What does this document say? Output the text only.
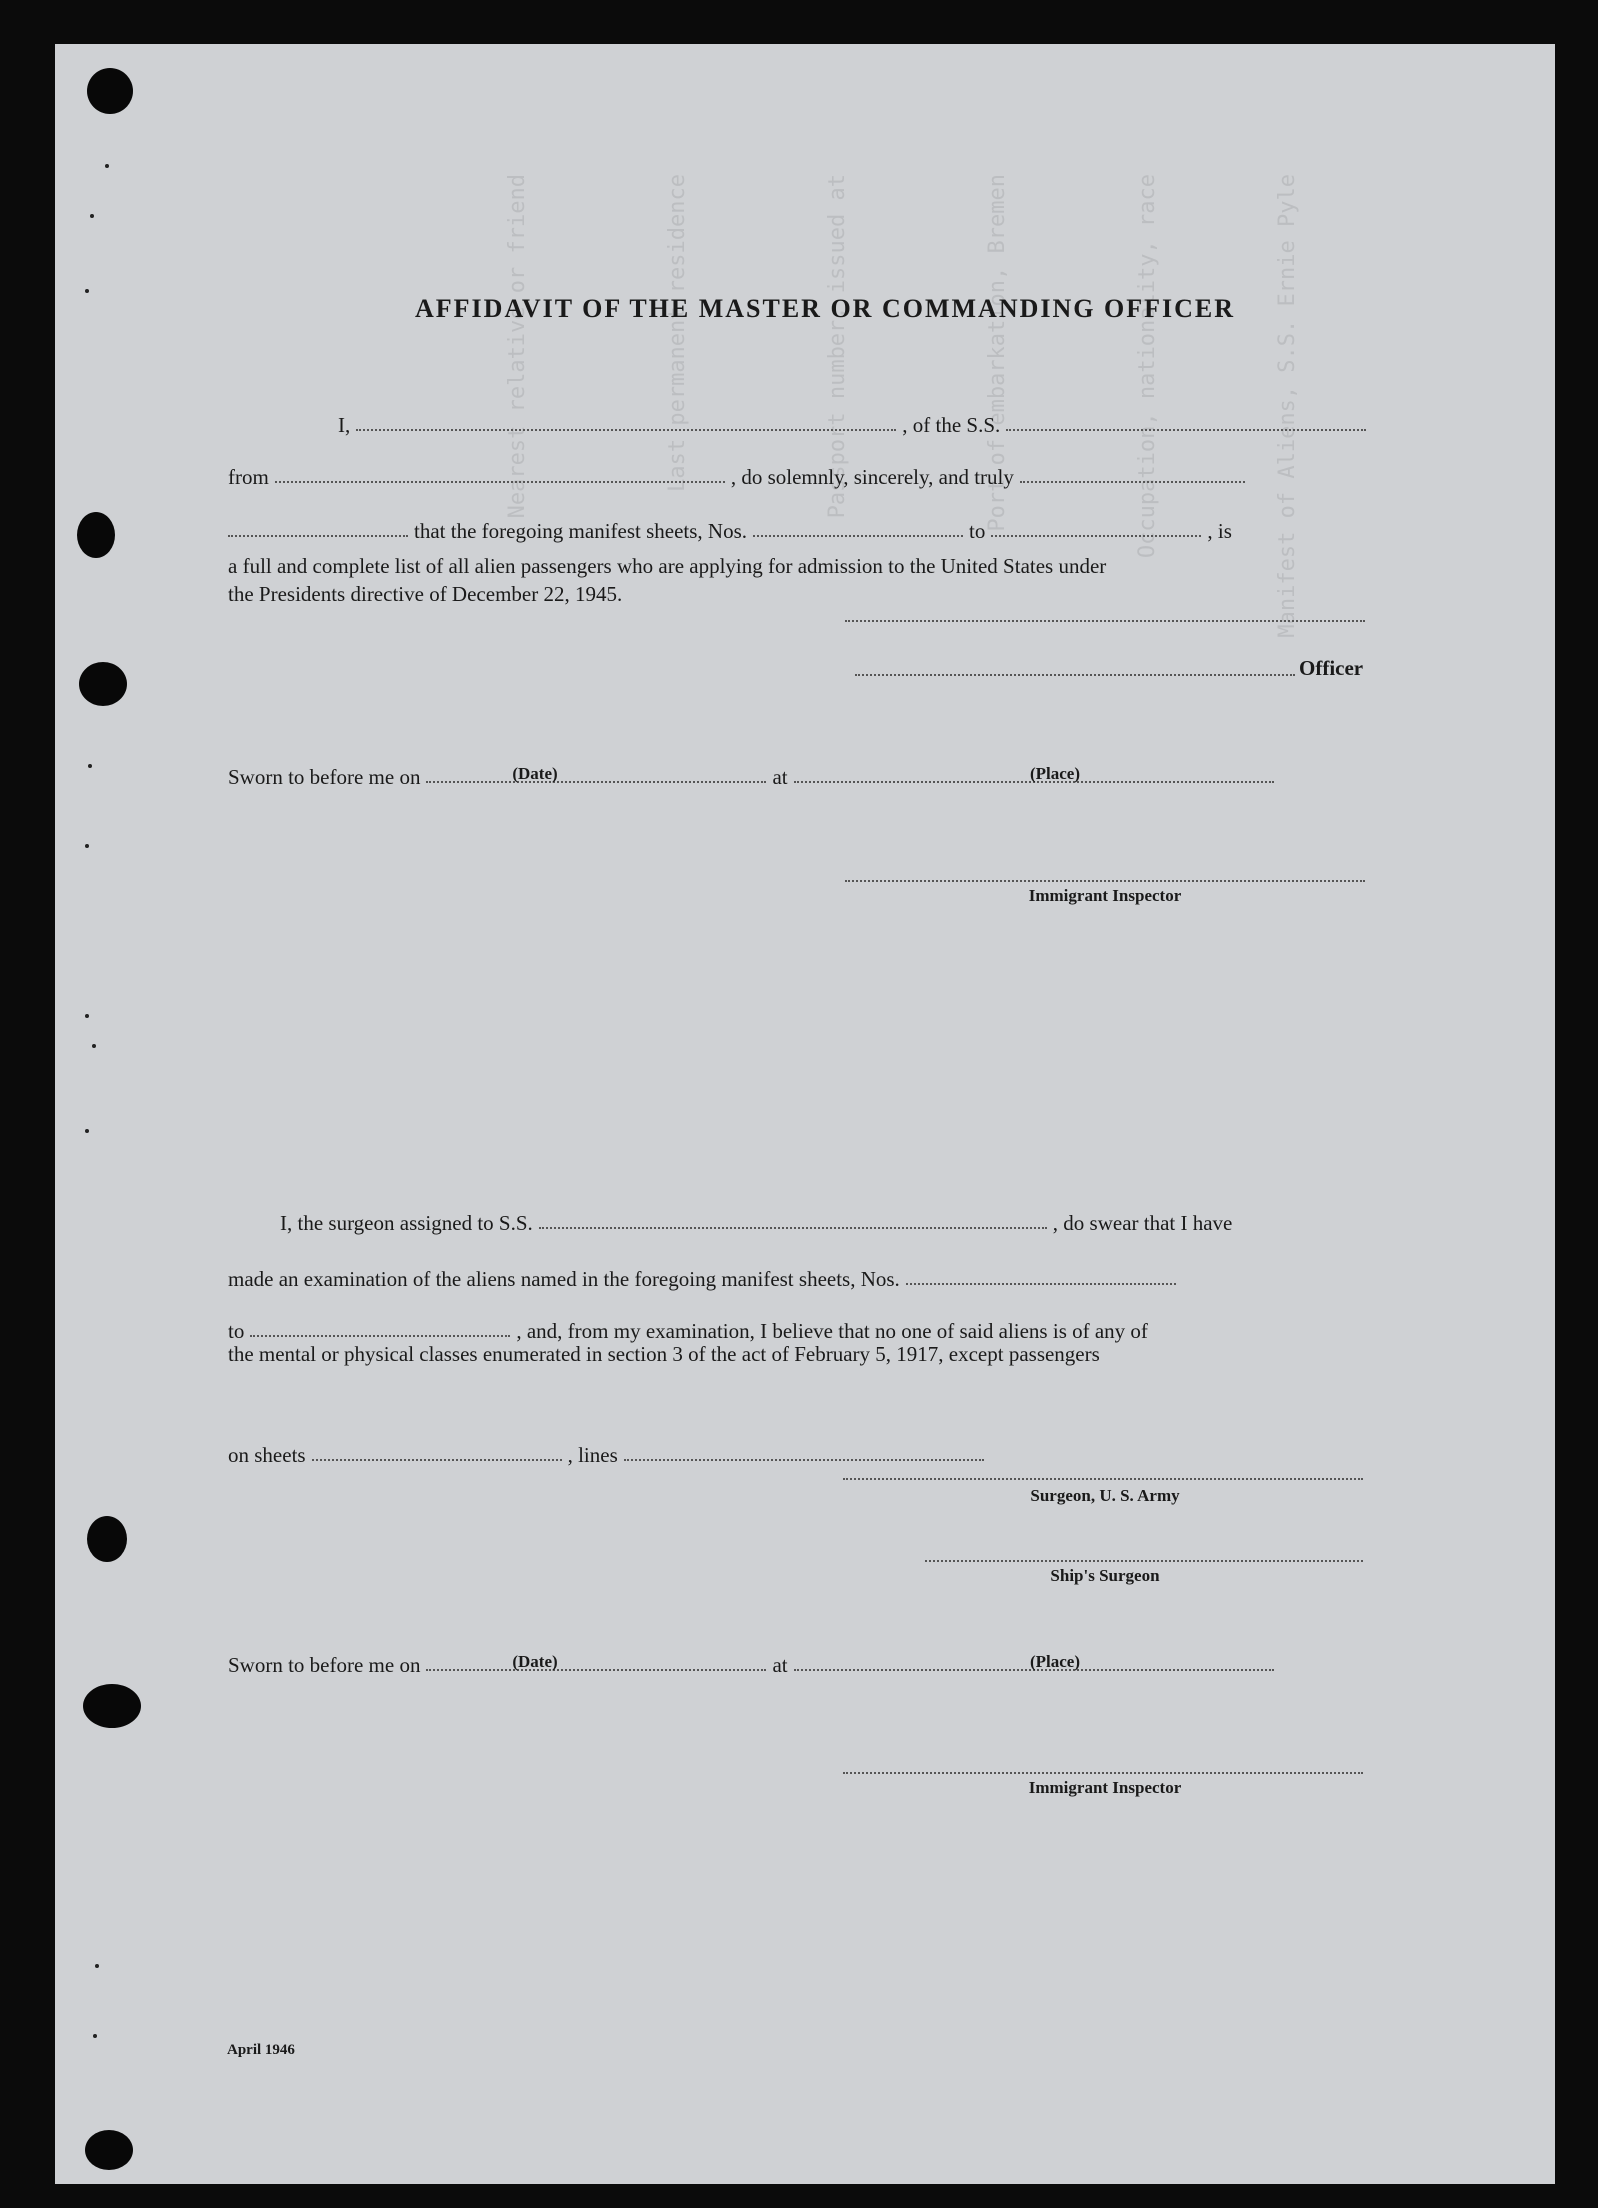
Manifest of Aliens, S.S. Ernie Pyle
Occupation, nationality, race
Port of embarkation, Bremen
Passport number, issued at
Last permanent residence
Nearest relative or friend
AFFIDAVIT OF THE MASTER OR COMMANDING OFFICER
I,	, of the S.S.
from	, do solemnly, sincerely, and truly
that the foregoing manifest sheets, Nos.	to	, is
a full and complete list of all alien passengers who are applying for admission to the United States under
the Presidents directive of December 22, 1945.
Officer
Sworn to before me on	at
(Date)	(Place)
Immigrant Inspector
I, the surgeon assigned to S.S.	, do swear that I have
made an examination of the aliens named in the foregoing manifest sheets, Nos.
to	, and, from my examination, I believe that no one of said aliens is of any of
the mental or physical classes enumerated in section 3 of the act of February 5, 1917, except passengers
on sheets	, lines
Surgeon, U. S. Army
Ship's Surgeon
Sworn to before me on	at
(Date)	(Place)
Immigrant Inspector
April 1946
